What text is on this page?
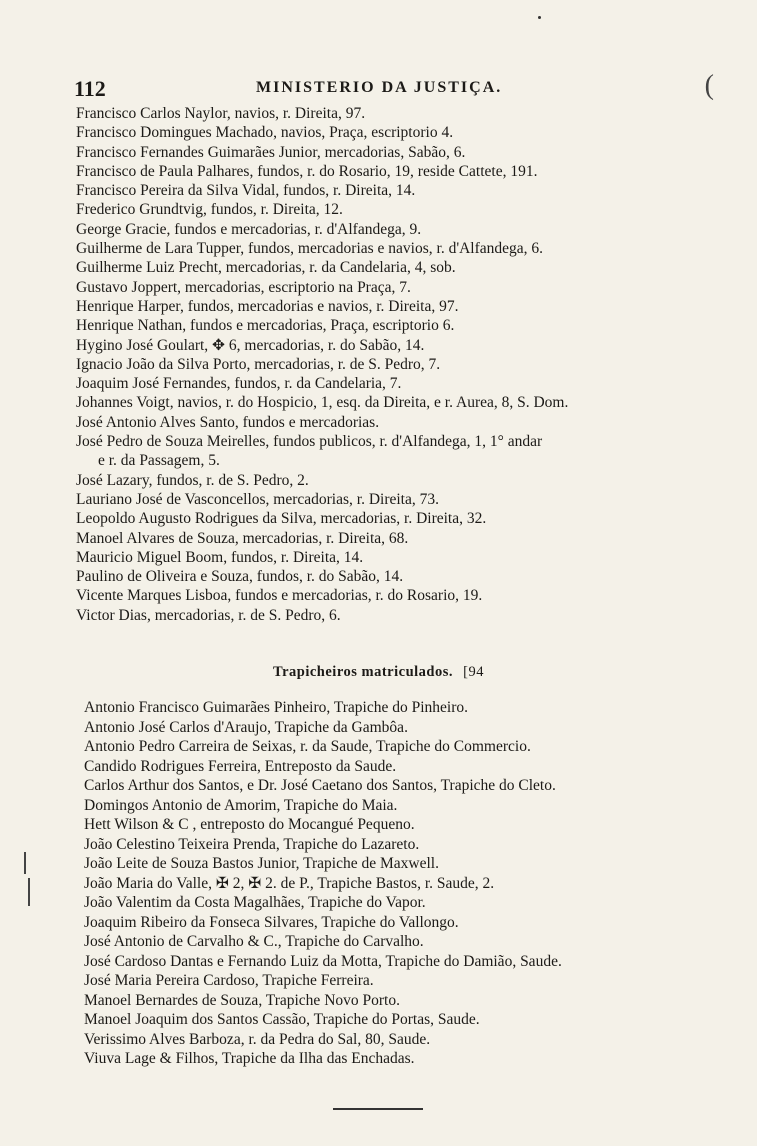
112	MINISTERIO DA JUSTIÇA.	(
Francisco Carlos Naylor, navios, r. Direita, 97.
Francisco Domingues Machado, navios, Praça, escriptorio 4.
Francisco Fernandes Guimarães Junior, mercadorias, Sabão, 6.
Francisco de Paula Palhares, fundos, r. do Rosario, 19, reside Cattete, 191.
Francisco Pereira da Silva Vidal, fundos, r. Direita, 14.
Frederico Grundtvig, fundos, r. Direita, 12.
George Gracie, fundos e mercadorias, r. d'Alfandega, 9.
Guilherme de Lara Tupper, fundos, mercadorias e navios, r. d'Alfandega, 6.
Guilherme Luiz Precht, mercadorias, r. da Candelaria, 4, sob.
Gustavo Joppert, mercadorias, escriptorio na Praça, 7.
Henrique Harper, fundos, mercadorias e navios, r. Direita, 97.
Henrique Nathan, fundos e mercadorias, Praça, escriptorio 6.
Hygino José Goulart, ✥ 6, mercadorias, r. do Sabão, 14.
Ignacio João da Silva Porto, mercadorias, r. de S. Pedro, 7.
Joaquim José Fernandes, fundos, r. da Candelaria, 7.
Johannes Voigt, navios, r. do Hospicio, 1, esq. da Direita, e r. Aurea, 8, S. Dom.
José Antonio Alves Santo, fundos e mercadorias.
José Pedro de Souza Meirelles, fundos publicos, r. d'Alfandega, 1, 1° andar
e r. da Passagem, 5.
José Lazary, fundos, r. de S. Pedro, 2.
Lauriano José de Vasconcellos, mercadorias, r. Direita, 73.
Leopoldo Augusto Rodrigues da Silva, mercadorias, r. Direita, 32.
Manoel Alvares de Souza, mercadorias, r. Direita, 68.
Mauricio Miguel Boom, fundos, r. Direita, 14.
Paulino de Oliveira e Souza, fundos, r. do Sabão, 14.
Vicente Marques Lisboa, fundos e mercadorias, r. do Rosario, 19.
Victor Dias, mercadorias, r. de S. Pedro, 6.
Trapicheiros matriculados. [94
Antonio Francisco Guimarães Pinheiro, Trapiche do Pinheiro.
Antonio José Carlos d'Araujo, Trapiche da Gambôa.
Antonio Pedro Carreira de Seixas, r. da Saude, Trapiche do Commercio.
Candido Rodrigues Ferreira, Entreposto da Saude.
Carlos Arthur dos Santos, e Dr. José Caetano dos Santos, Trapiche do Cleto.
Domingos Antonio de Amorim, Trapiche do Maia.
Hett Wilson & C , entreposto do Mocangué Pequeno.
João Celestino Teixeira Prenda, Trapiche do Lazareto.
João Leite de Souza Bastos Junior, Trapiche de Maxwell.
João Maria do Valle, ✠ 2, ✠ 2. de P., Trapiche Bastos, r. Saude, 2.
João Valentim da Costa Magalhães, Trapiche do Vapor.
Joaquim Ribeiro da Fonseca Silvares, Trapiche do Vallongo.
José Antonio de Carvalho & C., Trapiche do Carvalho.
José Cardoso Dantas e Fernando Luiz da Motta, Trapiche do Damião, Saude.
José Maria Pereira Cardoso, Trapiche Ferreira.
Manoel Bernardes de Souza, Trapiche Novo Porto.
Manoel Joaquim dos Santos Cassão, Trapiche do Portas, Saude.
Verissimo Alves Barboza, r. da Pedra do Sal, 80, Saude.
Viuva Lage & Filhos, Trapiche da Ilha das Enchadas.
